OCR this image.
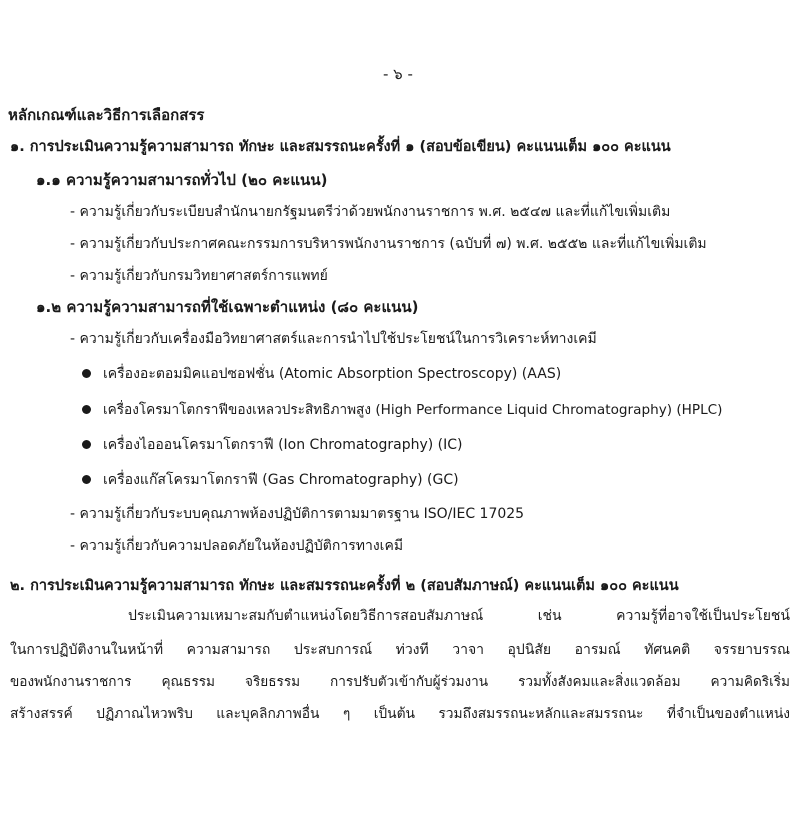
- ๖ -
หลักเกณฑ์และวิธีการเลือกสรร
๑. การประเมินความรู้ความสามารถ ทักษะ และสมรรถนะครั้งที่ ๑ (สอบข้อเขียน) คะแนนเต็ม ๑๐๐ คะแนน
๑.๑ ความรู้ความสามารถทั่วไป (๒๐ คะแนน)
- ความรู้เกี่ยวกับระเบียบสำนักนายกรัฐมนตรีว่าด้วยพนักงานราชการ พ.ศ. ๒๕๔๗ และที่แก้ไขเพิ่มเติม
- ความรู้เกี่ยวกับประกาศคณะกรรมการบริหารพนักงานราชการ (ฉบับที่ ๗) พ.ศ. ๒๕๕๒ และที่แก้ไขเพิ่มเติม
- ความรู้เกี่ยวกับกรมวิทยาศาสตร์การแพทย์
๑.๒ ความรู้ความสามารถที่ใช้เฉพาะตำแหน่ง (๘๐ คะแนน)
- ความรู้เกี่ยวกับเครื่องมือวิทยาศาสตร์และการนำไปใช้ประโยชน์ในการวิเคราะห์ทางเคมี
เครื่องอะตอมมิคแอปซอฟชั่น (Atomic Absorption Spectroscopy) (AAS)
เครื่องโครมาโตกราฟีของเหลวประสิทธิภาพสูง (High Performance Liquid Chromatography) (HPLC)
เครื่องไอออนโครมาโตกราฟี (Ion Chromatography) (IC)
เครื่องแก๊สโครมาโตกราฟี (Gas Chromatography) (GC)
- ความรู้เกี่ยวกับระบบคุณภาพห้องปฏิบัติการตามมาตรฐาน ISO/IEC 17025
- ความรู้เกี่ยวกับความปลอดภัยในห้องปฏิบัติการทางเคมี
๒. การประเมินความรู้ความสามารถ ทักษะ และสมรรถนะครั้งที่ ๒ (สอบสัมภาษณ์) คะแนนเต็ม ๑๐๐ คะแนน
ประเมินความเหมาะสมกับตำแหน่งโดยวิธีการสอบสัมภาษณ์ เช่น ความรู้ที่อาจใช้เป็นประโยชน์
ในการปฏิบัติงานในหน้าที่ ความสามารถ ประสบการณ์ ท่วงที วาจา อุปนิสัย อารมณ์ ทัศนคติ จรรยาบรรณ
ของพนักงานราชการ คุณธรรม จริยธรรม การปรับตัวเข้ากับผู้ร่วมงาน รวมทั้งสังคมและสิ่งแวดล้อม ความคิดริเริ่ม
สร้างสรรค์ ปฏิภาณไหวพริบ และบุคลิกภาพอื่น ๆ เป็นต้น รวมถึงสมรรถนะหลักและสมรรถนะ ที่จำเป็นของตำแหน่ง
